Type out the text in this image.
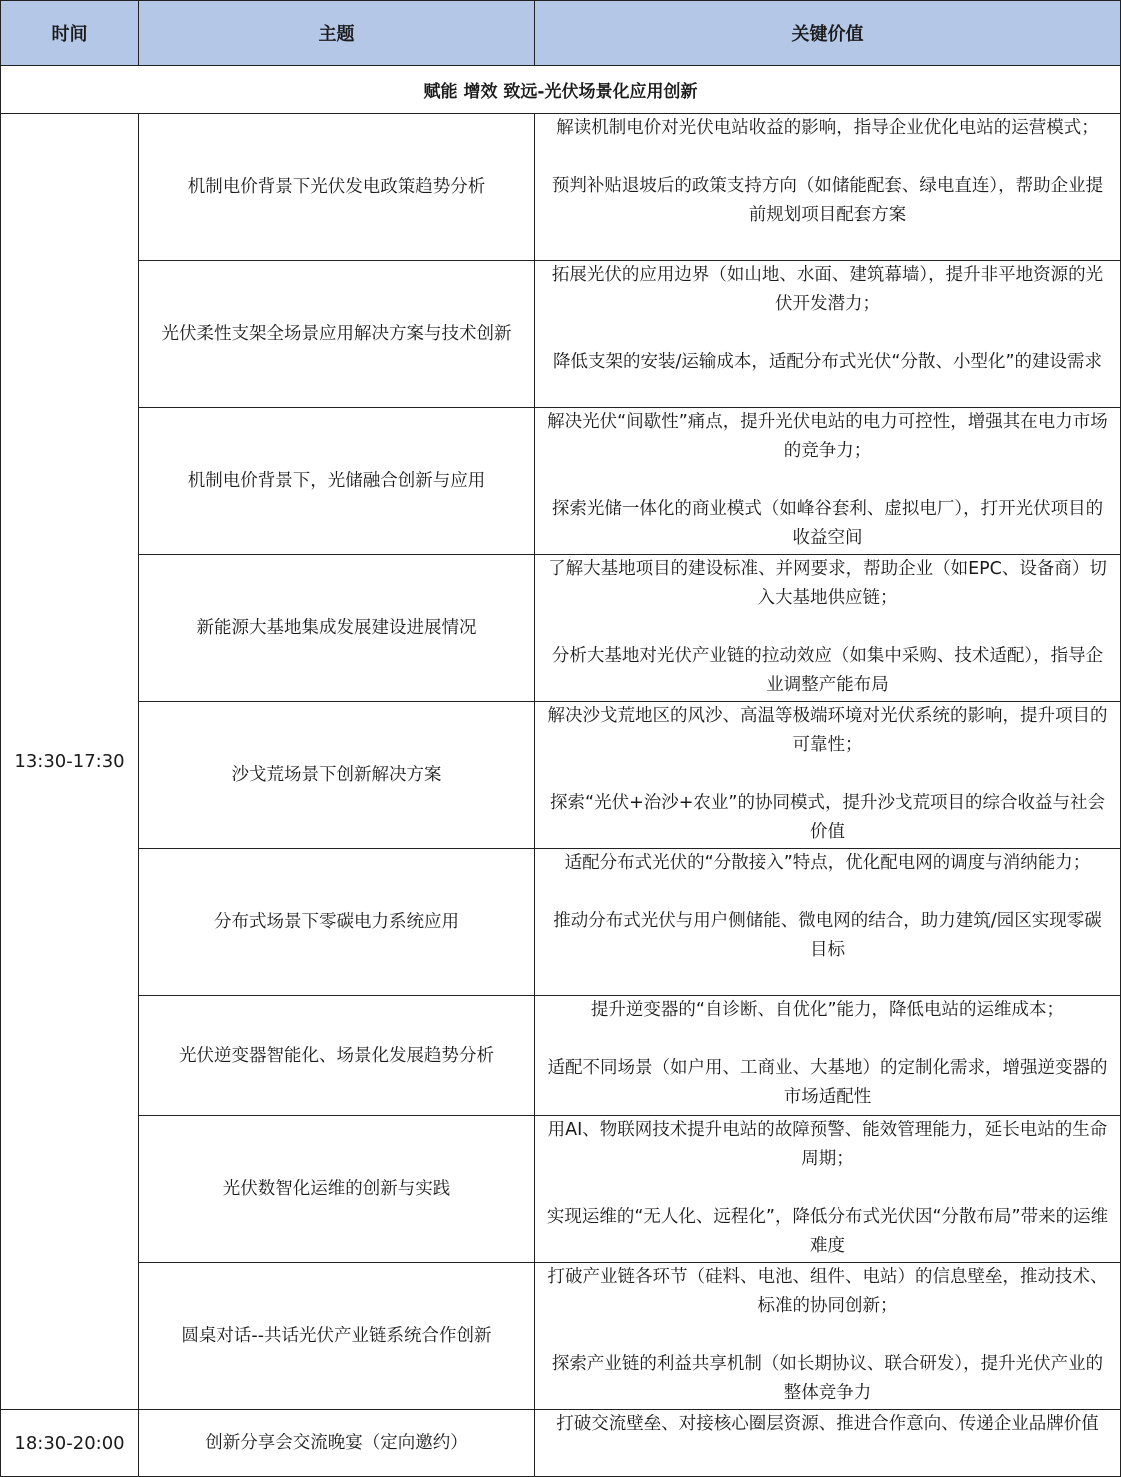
时间	主题	关键价值
赋能 增效 致远-光伏场景化应用创新		
13:30-17:30	机制电价背景下光伏发电政策趋势分析	解读机制电价对光伏电站收益的影响，指导企业优化电站的运营模式；

预判补贴退坡后的政策支持方向（如储能配套、绿电直连），帮助企业提前规划项目配套方案

	光伏柔性支架全场景应用解决方案与技术创新	拓展光伏的应用边界（如山地、水面、建筑幕墙），提升非平地资源的光伏开发潜力；

降低支架的安装/运输成本，适配分布式光伏“分散、小型化”的建设需求

	机制电价背景下，光储融合创新与应用	解决光伏“间歇性”痛点，提升光伏电站的电力可控性，增强其在电力市场的竞争力；

探索光储一体化的商业模式（如峰谷套利、虚拟电厂），打开光伏项目的收益空间

	新能源大基地集成发展建设进展情况	了解大基地项目的建设标准、并网要求，帮助企业（如EPC、设备商）切入大基地供应链；

分析大基地对光伏产业链的拉动效应（如集中采购、技术适配），指导企业调整产能布局

	沙戈荒场景下创新解决方案	解决沙戈荒地区的风沙、高温等极端环境对光伏系统的影响，提升项目的可靠性；

探索“光伏+治沙+农业”的协同模式，提升沙戈荒项目的综合收益与社会价值

	分布式场景下零碳电力系统应用	适配分布式光伏的“分散接入”特点，优化配电网的调度与消纳能力；

推动分布式光伏与用户侧储能、微电网的结合，助力建筑/园区实现零碳目标

	光伏逆变器智能化、场景化发展趋势分析	提升逆变器的“自诊断、自优化”能力，降低电站的运维成本；

适配不同场景（如户用、工商业、大基地）的定制化需求，增强逆变器的市场适配性

	光伏数智化运维的创新与实践	用AI、物联网技术提升电站的故障预警、能效管理能力，延长电站的生命周期；

实现运维的“无人化、远程化”，降低分布式光伏因“分散布局”带来的运维难度

	圆桌对话--共话光伏产业链系统合作创新	打破产业链各环节（硅料、电池、组件、电站）的信息壁垒，推动技术、标准的协同创新；

探索产业链的利益共享机制（如长期协议、联合研发），提升光伏产业的整体竞争力

18:30-20:00	创新分享会交流晚宴（定向邀约）	打破交流壁垒、对接核心圈层资源、推进合作意向、传递企业品牌价值
